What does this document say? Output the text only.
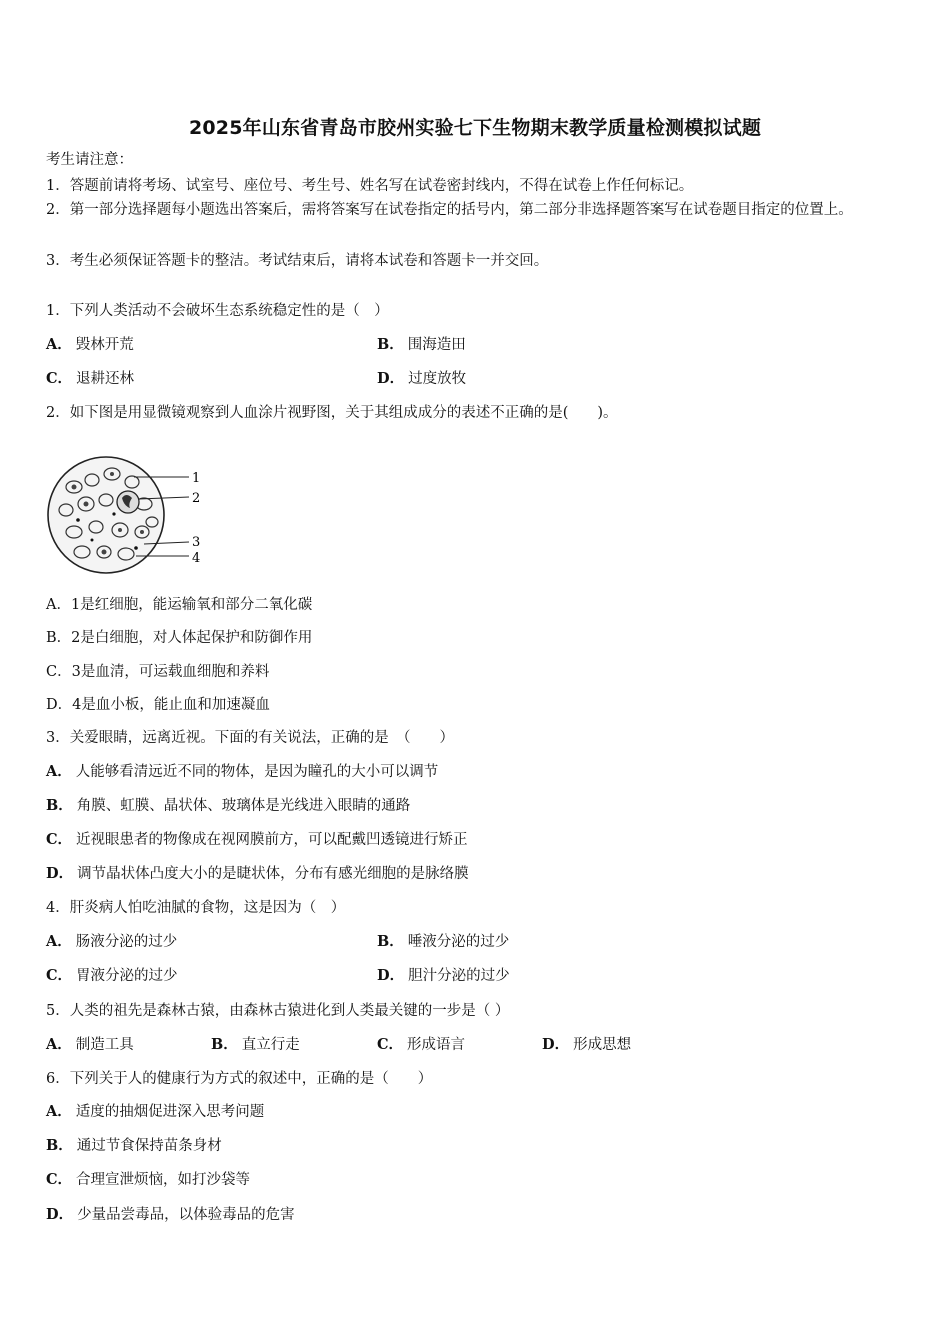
2025年山东省青岛市胶州实验七下生物期末教学质量检测模拟试题
考生请注意：
1．答题前请将考场、试室号、座位号、考生号、姓名写在试卷密封线内，不得在试卷上作任何标记。
2．第一部分选择题每小题选出答案后，需将答案写在试卷指定的括号内，第二部分非选择题答案写在试卷题目指定的位置上。
3．考生必须保证答题卡的整洁。考试结束后，请将本试卷和答题卡一并交回。
1．下列人类活动不会破坏生态系统稳定性的是（　）
A． 毁林开荒	B． 围海造田
C． 退耕还林	D． 过度放牧
2．如下图是用显微镜观察到人血涂片视野图，关于其组成成分的表述不正确的是(　　)。
1
2
3
4
A．1是红细胞，能运输氧和部分二氧化碳
B．2是白细胞，对人体起保护和防御作用
C．3是血清，可运载血细胞和养料
D．4是血小板，能止血和加速凝血
3．关爱眼睛，远离近视。下面的有关说法，正确的是　（　　）
A． 人能够看清远近不同的物体，是因为瞳孔的大小可以调节
B． 角膜、虹膜、晶状体、玻璃体是光线进入眼睛的通路
C． 近视眼患者的物像成在视网膜前方，可以配戴凹透镜进行矫正
D． 调节晶状体凸度大小的是睫状体，分布有感光细胞的是脉络膜
4．肝炎病人怕吃油腻的食物，这是因为（　）
A． 肠液分泌的过少	B． 唾液分泌的过少
C． 胃液分泌的过少	D． 胆汁分泌的过少
5．人类的祖先是森林古猿，由森林古猿进化到人类最关键的一步是（ ）
A． 制造工具	B． 直立行走	C． 形成语言	D． 形成思想
6．下列关于人的健康行为方式的叙述中，正确的是（　　）
A． 适度的抽烟促进深入思考问题
B． 通过节食保持苗条身材
C． 合理宣泄烦恼，如打沙袋等
D． 少量品尝毒品，以体验毒品的危害
